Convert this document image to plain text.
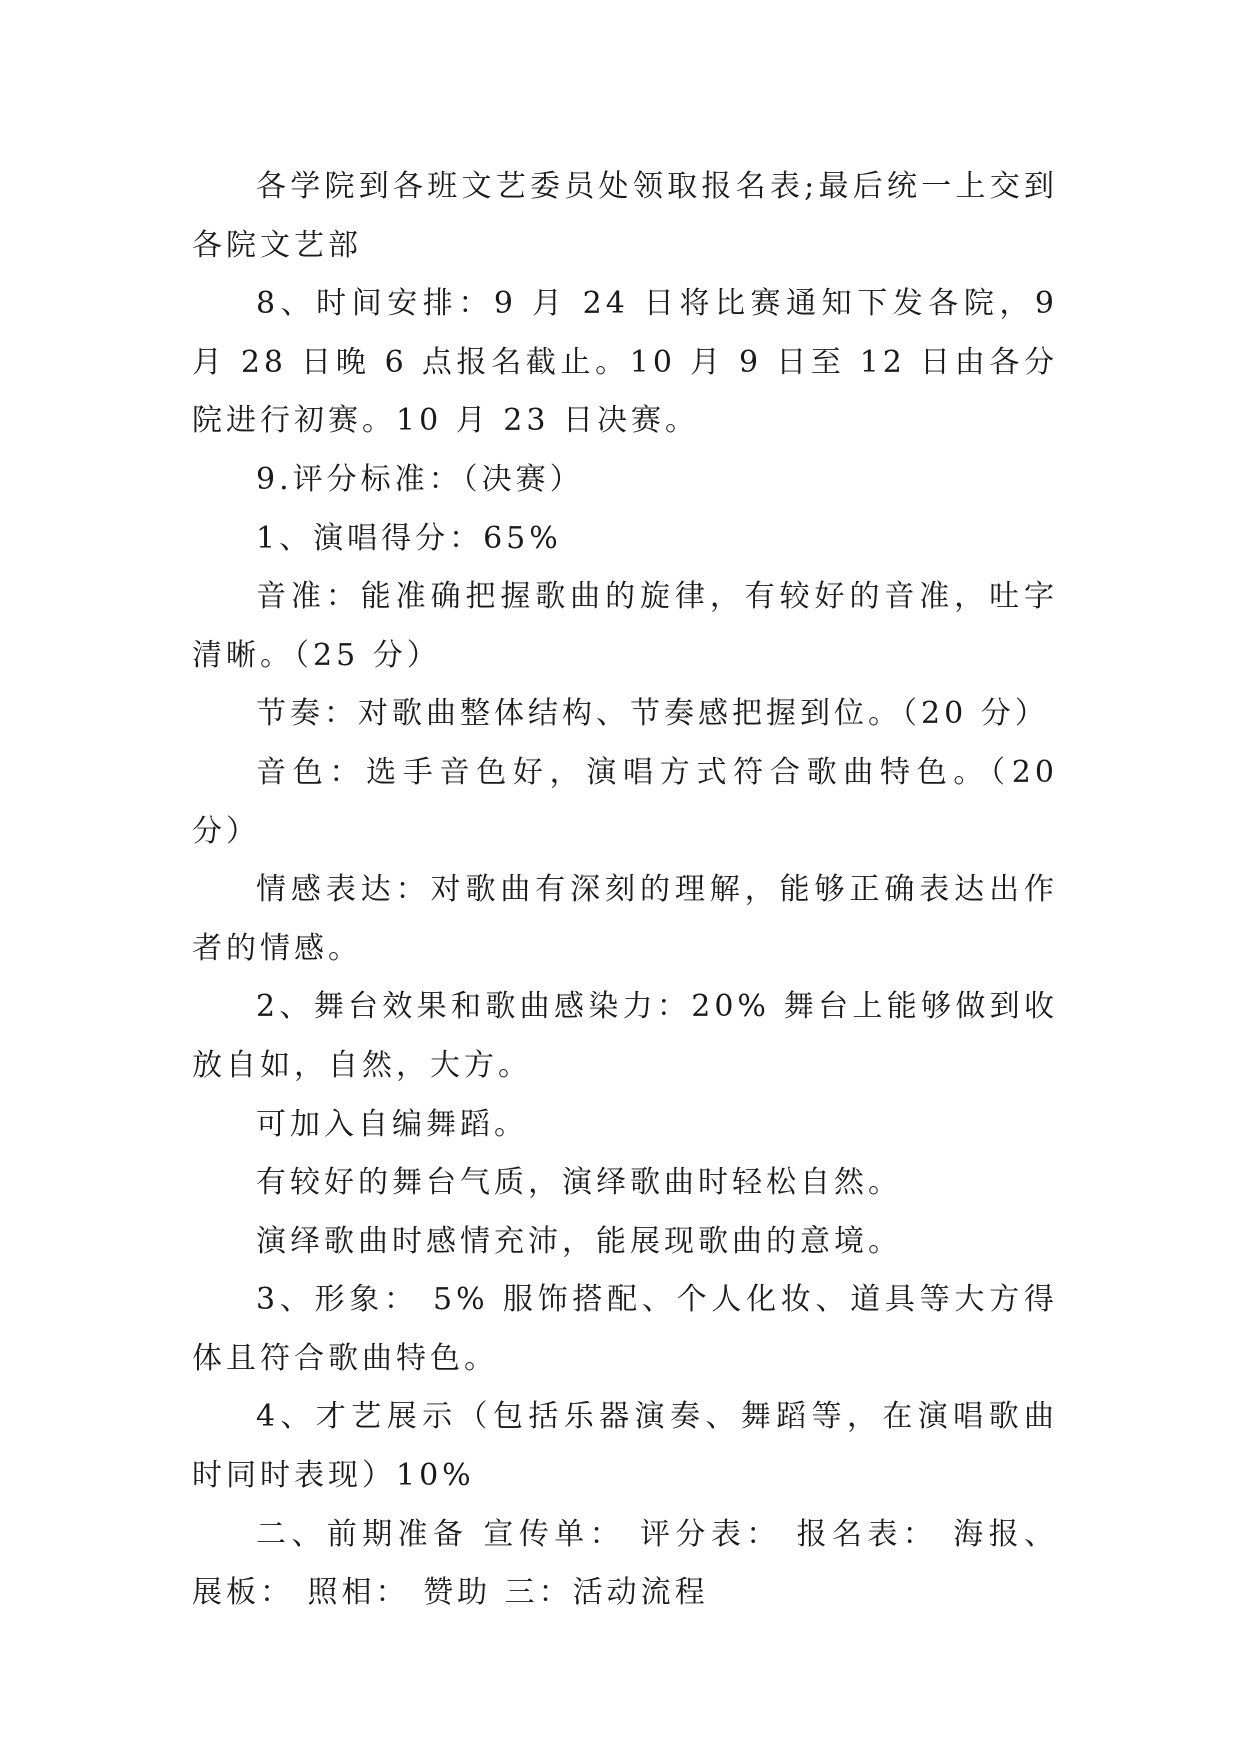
各学院到各班文艺委员处领取报名表;最后统一上交到各院文艺部

8、时间安排：9 月 24 日将比赛通知下发各院，9 月 28 日晚 6 点报名截止。10 月 9 日至 12 日由各分院进行初赛。10 月 23 日决赛。

9.评分标准：（决赛）

1、演唱得分：65%

音准：能准确把握歌曲的旋律，有较好的音准，吐字清晰。（25 分）

节奏：对歌曲整体结构、节奏感把握到位。（20 分）

音色：选手音色好，演唱方式符合歌曲特色。（20 分）

情感表达：对歌曲有深刻的理解，能够正确表达出作者的情感。

2、舞台效果和歌曲感染力：20% 舞台上能够做到收放自如，自然，大方。

可加入自编舞蹈。

有较好的舞台气质，演绎歌曲时轻松自然。

演绎歌曲时感情充沛，能展现歌曲的意境。

3、形象： 5% 服饰搭配、个人化妆、道具等大方得体且符合歌曲特色。

4、才艺展示（包括乐器演奏、舞蹈等，在演唱歌曲时同时表现）10%

二、前期准备 宣传单： 评分表： 报名表： 海报、展板： 照相： 赞助 三：活动流程
